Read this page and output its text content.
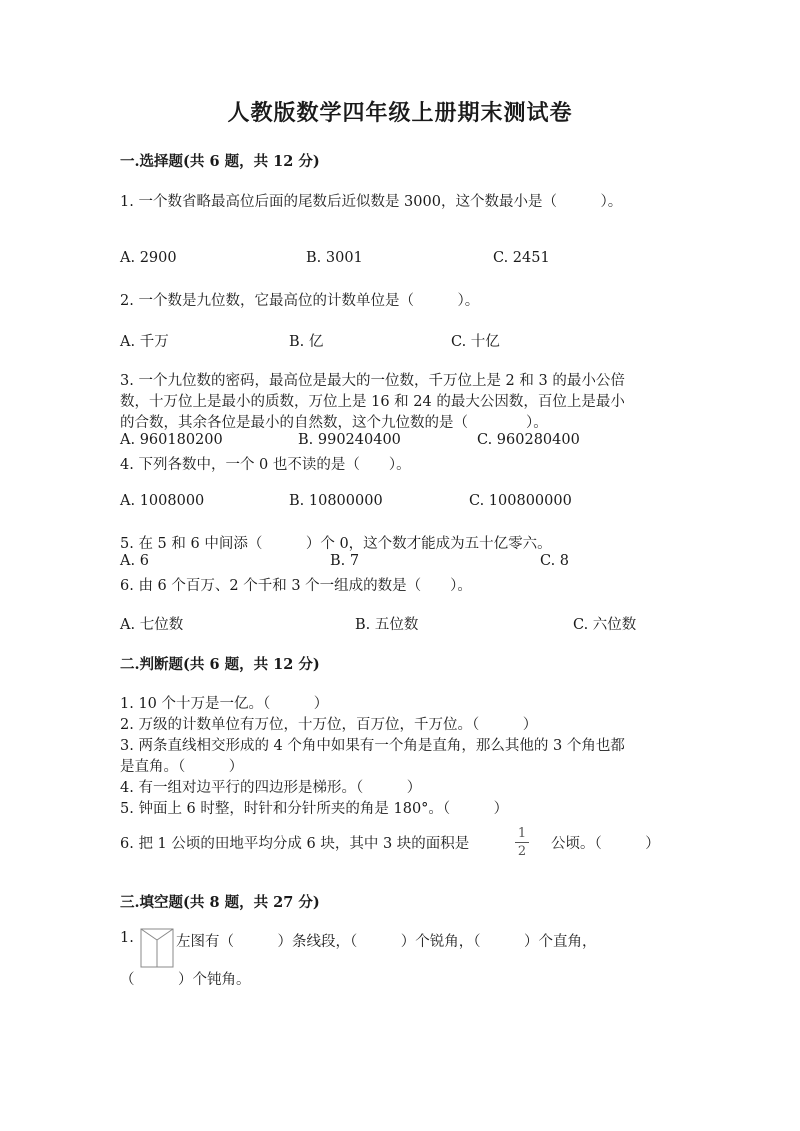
人教版数学四年级上册期末测试卷
一.选择题(共 6 题，共 12 分)
1. 一个数省略最高位后面的尾数后近似数是 3000，这个数最小是（　　　）。
A. 2900	B. 3001	C. 2451
2. 一个数是九位数，它最高位的计数单位是（　　　）。
A. 千万	B. 亿	C. 十亿
3. 一个九位数的密码，最高位是最大的一位数，千万位上是 2 和 3 的最小公倍
数，十万位上是最小的质数，万位上是 16 和 24 的最大公因数，百位上是最小
的合数，其余各位是最小的自然数，这个九位数的是（　　　　）。
A. 960180200	B. 990240400	C. 960280400
4. 下列各数中，一个 0 也不读的是（　　）。
A. 1008000	B. 10800000	C. 100800000
5. 在 5 和 6 中间添（　　　）个 0，这个数才能成为五十亿零六。
A. 6	B. 7	C. 8
6. 由 6 个百万、2 个千和 3 个一组成的数是（　　）。
A. 七位数	B. 五位数	C. 六位数
二.判断题(共 6 题，共 12 分)
1. 10 个十万是一亿。（　　　）
2. 万级的计数单位有万位，十万位，百万位，千万位。（　　　）
3. 两条直线相交形成的 4 个角中如果有一个角是直角，那么其他的 3 个角也都
是直角。（　　　）
4. 有一组对边平行的四边形是梯形。（　　　）
5. 钟面上 6 时整，时针和分针所夹的角是 180°。（　　　）
6. 把 1 公顷的田地平均分成 6 块，其中 3 块的面积是
1
2	公顷。（　　　）
三.填空题(共 8 题，共 27 分)
1.	左图有（　　　）条线段，（　　　）个锐角，（　　　）个直角，
（　　　）个钝角。
